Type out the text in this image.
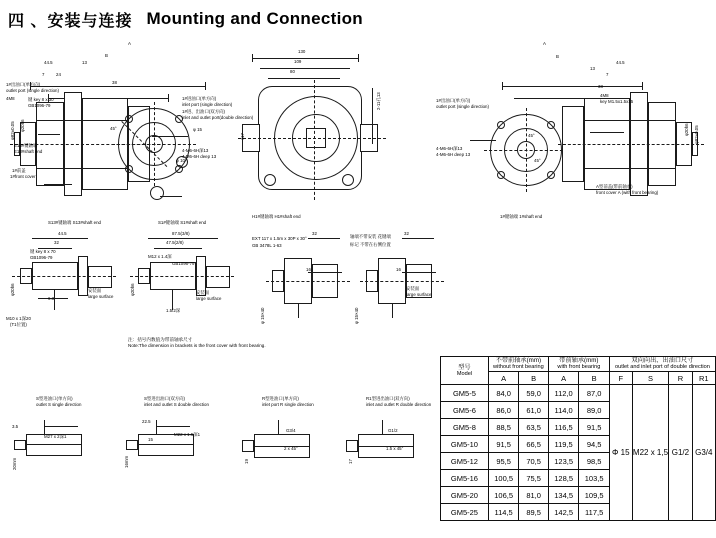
四 、安装与连接 Mounting and Connection
A
B
44.5	13
7	24
38
4M8
φ82±0.05 φ20h6	45°	φ 15
φ 10
1#前盖
1#front cover
1#进油口(单方向)
inlet port (single direction)
1#进、出油口(双方向)
inlet and outlet port(double direction)
4-M6-6H深13
4-M6-6H deep 13
1#出油口(单方向)
outlet port (single direction)
E13#键轴端
E13#shaft end
键 key 8 x 30
GB1096-79
130
109
80
117
2-11孔13
H1#键轴端 H1#shaft end
A
B
44.5
13
7
38
4M8
key M1.5x1.5x15
φ82±0.05
φ20h6
45°
45°
1#出油口(单方向)
outlet port (single direction)
4-M6-6H深13
4-M6-6H deep 13
A型前盖(带前轴承)
front cover A (with front bearing)
1#键轴端 1#shaft end
S13#键轴端 S13#shaft end
44.5
32
键 key 8 x 70
GB1096-79
φ20h6
M10 x 1深20
(T1位置)
6.3
安装面
large surface
S1#键轴端 S1#shaft end
87.5(3/8)
47.5(2/8)
M12 x 1.4深
GB1096-79
φ20h6
1.5/2深
安装面
large surface
EXT 117 x 1.5m x 30P x 30°
GB 3478L 1-63
32
16
φ 15×40
轴端不带安装 花键端
标记 不带在右侧位置
32
16
安装面
large surface
φ 15×40
注：括号内数值为带前轴承尺寸
Note:The dimension in brackets is the front cover with front bearing.
S型进油口(单方向)
outlet S single direction
20mm
M27 x 2深1
3.5
S型进出油口(双方向)
inlet and outlet S double direction
16mm
M22 x 1.5深1
22.5
15
R型进油口(单方向)
inlet port R single direction
G3/4
2 x 45°
19
R1型进出油口(双方向)
inlet and outlet R double direction
G1/2
1.5 x 45°
17
型号
Model	不带前轴承(mm)
without front bearing		带前轴承(mm)
with front bearing		双向向出、出油口尺寸
outlet and inlet port of double direction			

	A	B	A	B	F	S	R	R1
GM5-5	84,0	59,0	112,0	87,0	Φ 15	M22 x 1,5	G1/2	G3/4
GM5-6	86,0	61,0	114,0	89,0				
GM5-8	88,5	63,5	116,5	91,5				
GM5-10	91,5	66,5	119,5	94,5				
GM5-12	95,5	70,5	123,5	98,5				
GM5-16	100,5	75,5	128,5	103,5				
GM5-20	106,5	81,0	134,5	109,5				
GM5-25	114,5	89,5	142,5	117,5				
